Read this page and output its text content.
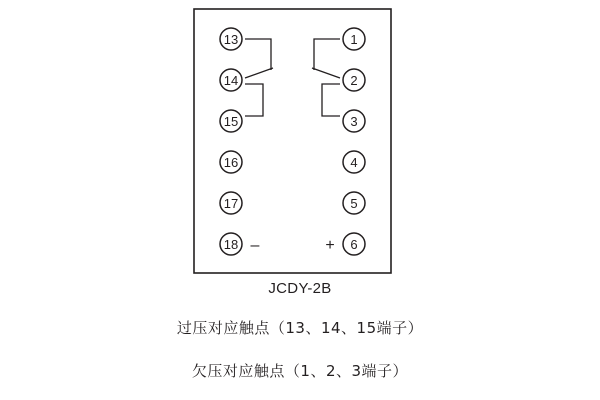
13
14
15
16
17
18 –	+
1
2
3
4
5
6

JCDY-2B

过压对应触点（13、14、15端子）

欠压对应触点（1、2、3端子）
